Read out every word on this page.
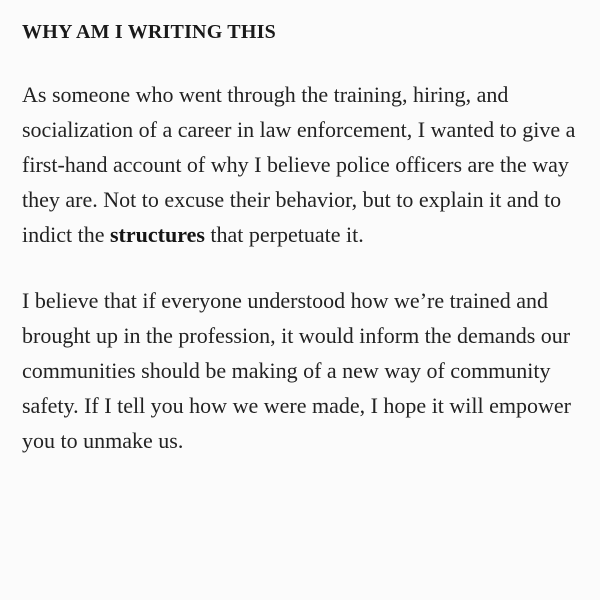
WHY AM I WRITING THIS

As someone who went through the training, hiring, and socialization of a career in law enforcement, I wanted to give a first-hand account of why I believe police officers are the way they are. Not to excuse their behavior, but to explain it and to indict the structures that perpetuate it.

I believe that if everyone understood how we’re trained and brought up in the profession, it would inform the demands our communities should be making of a new way of community safety. If I tell you how we were made, I hope it will empower you to unmake us.
